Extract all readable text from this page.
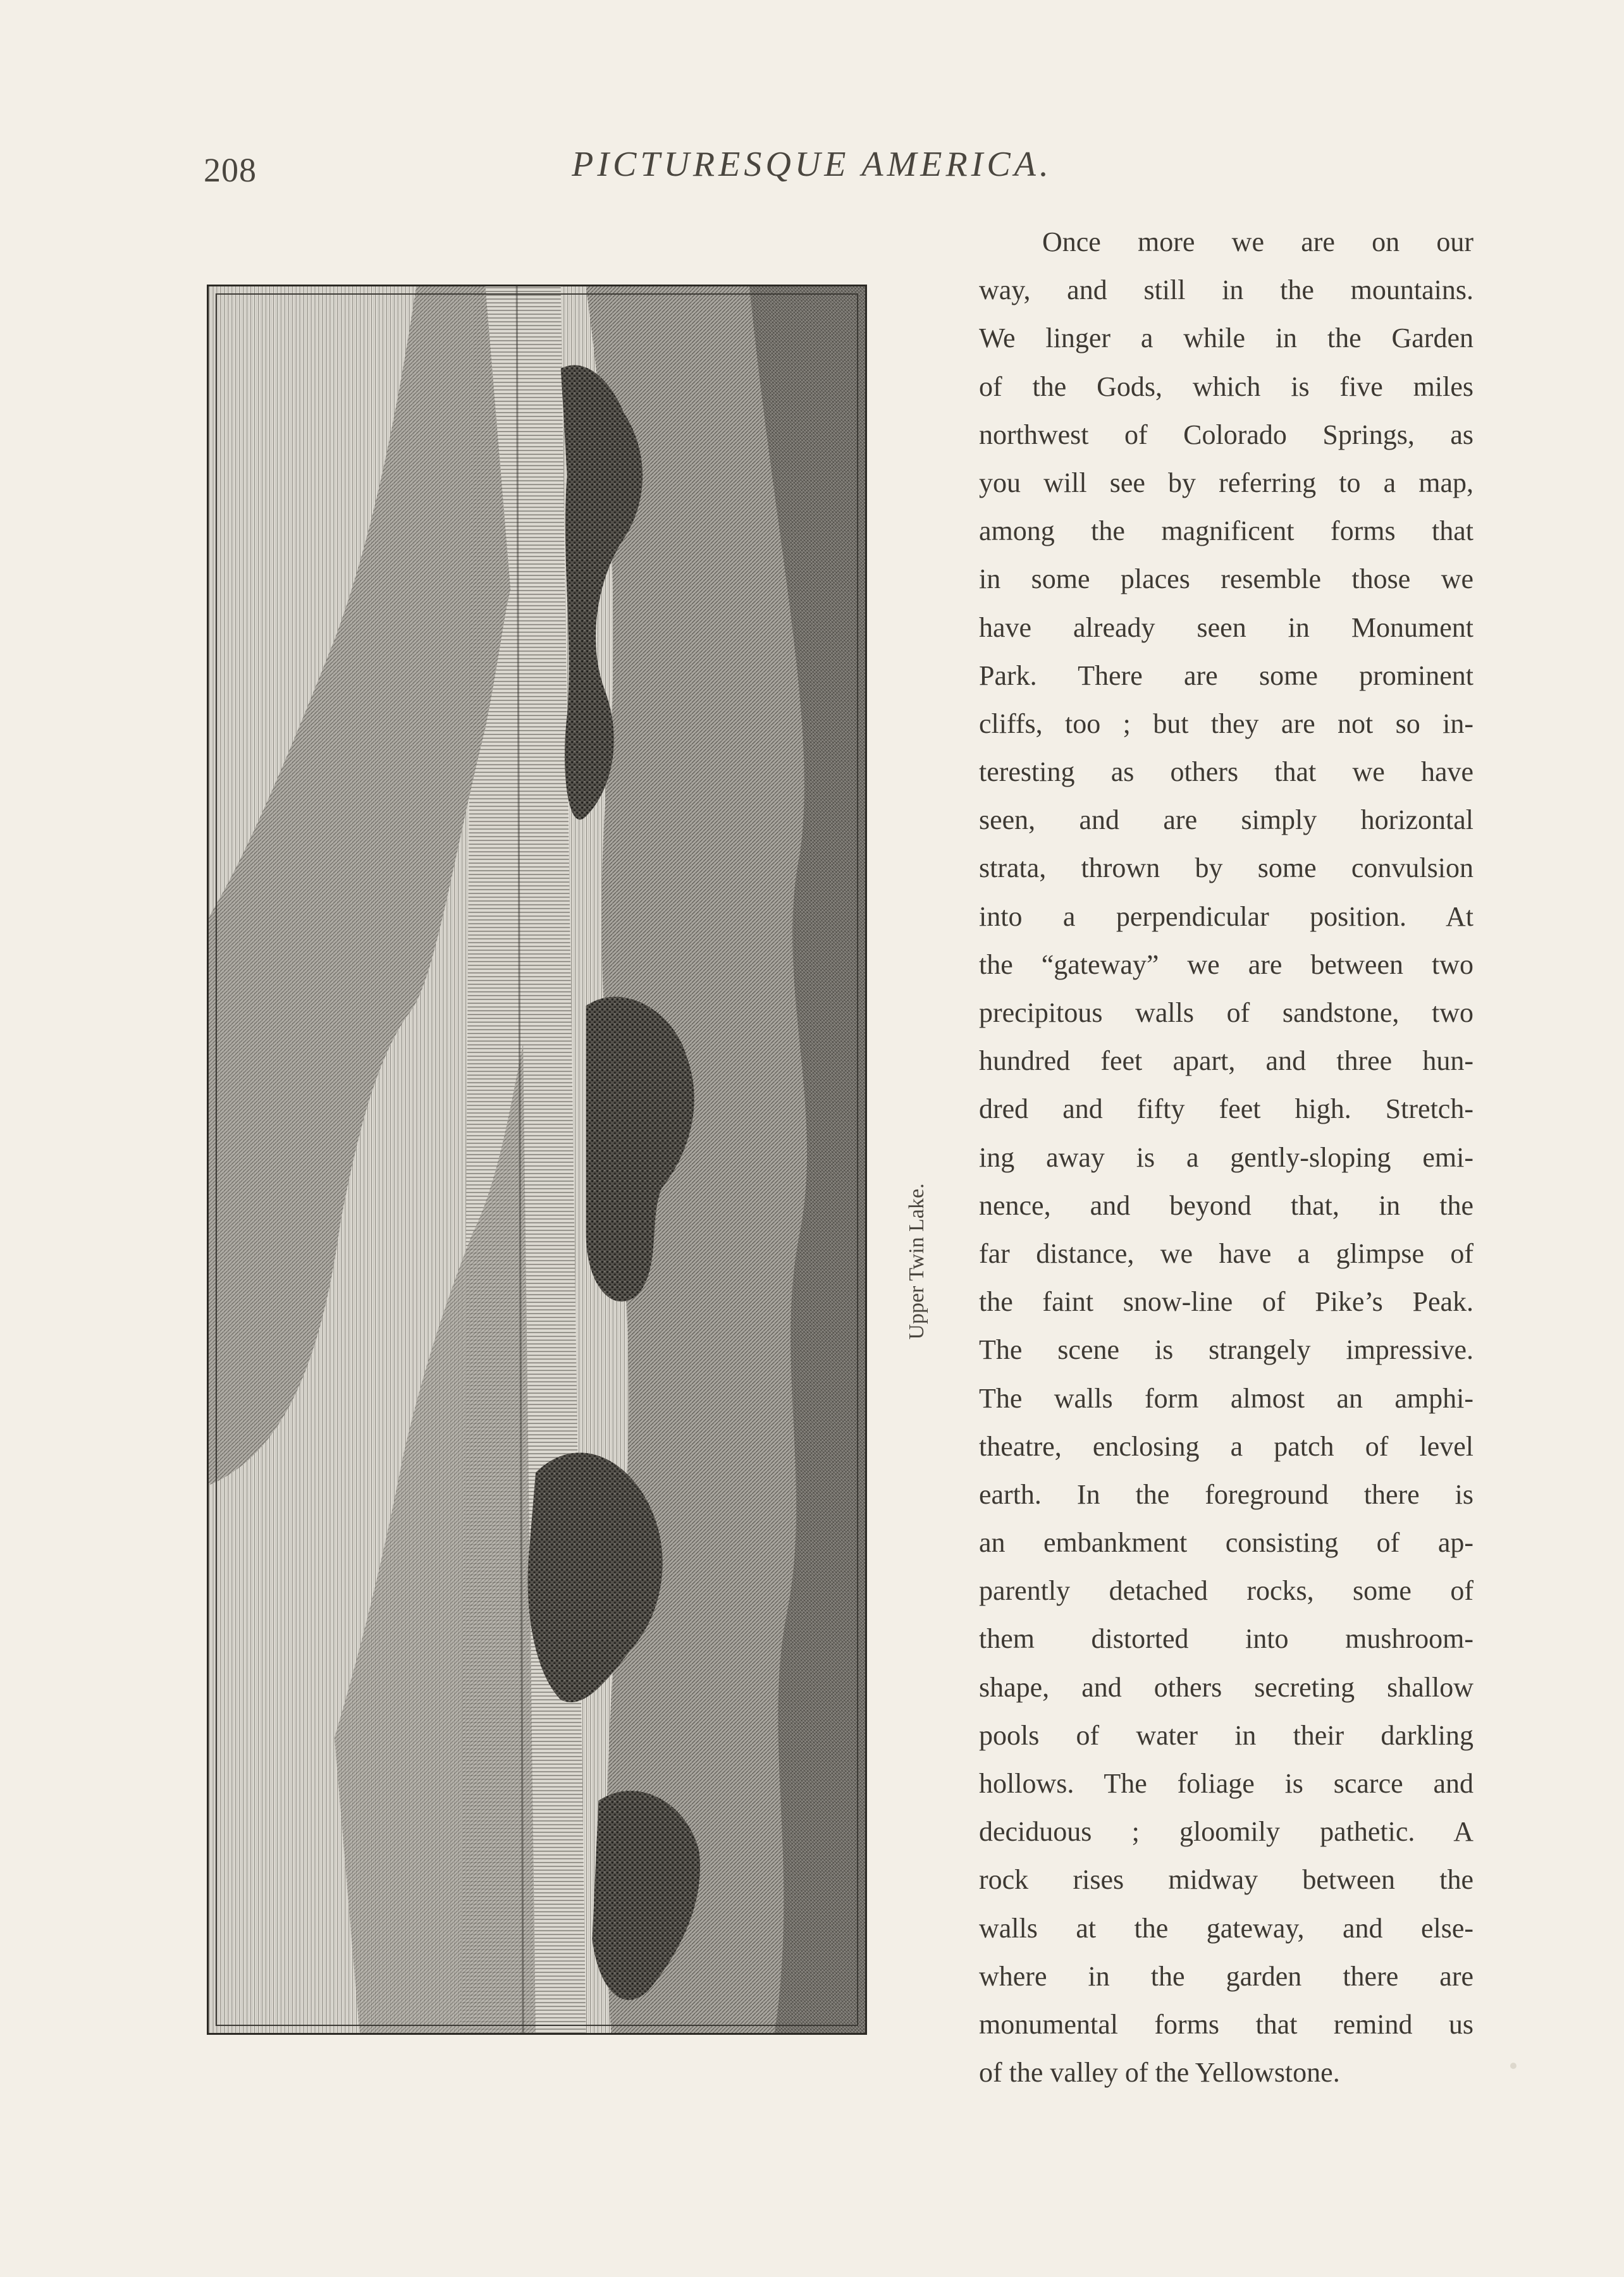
208	PICTURESQUE AMERICA.
Upper Twin Lake.
Once more we are on our
way, and still in the mountains.
We linger a while in the Garden
of the Gods, which is five miles
northwest of Colorado Springs, as
you will see by referring to a map,
among the magnificent forms that
in some places resemble those we
have already seen in Monument
Park. There are some prominent
cliffs, too ; but they are not so in-
teresting as others that we have
seen, and are simply horizontal
strata, thrown by some convulsion
into a perpendicular position. At
the “gateway” we are between two
precipitous walls of sandstone, two
hundred feet apart, and three hun-
dred and fifty feet high. Stretch-
ing away is a gently-sloping emi-
nence, and beyond that, in the
far distance, we have a glimpse of
the faint snow-line of Pike’s Peak.
The scene is strangely impressive.
The walls form almost an amphi-
theatre, enclosing a patch of level
earth. In the foreground there is
an embankment consisting of ap-
parently detached rocks, some of
them distorted into mushroom-
shape, and others secreting shallow
pools of water in their darkling
hollows. The foliage is scarce and
deciduous ; gloomily pathetic. A
rock rises midway between the
walls at the gateway, and else-
where in the garden there are
monumental forms that remind us
of the valley of the Yellowstone.
